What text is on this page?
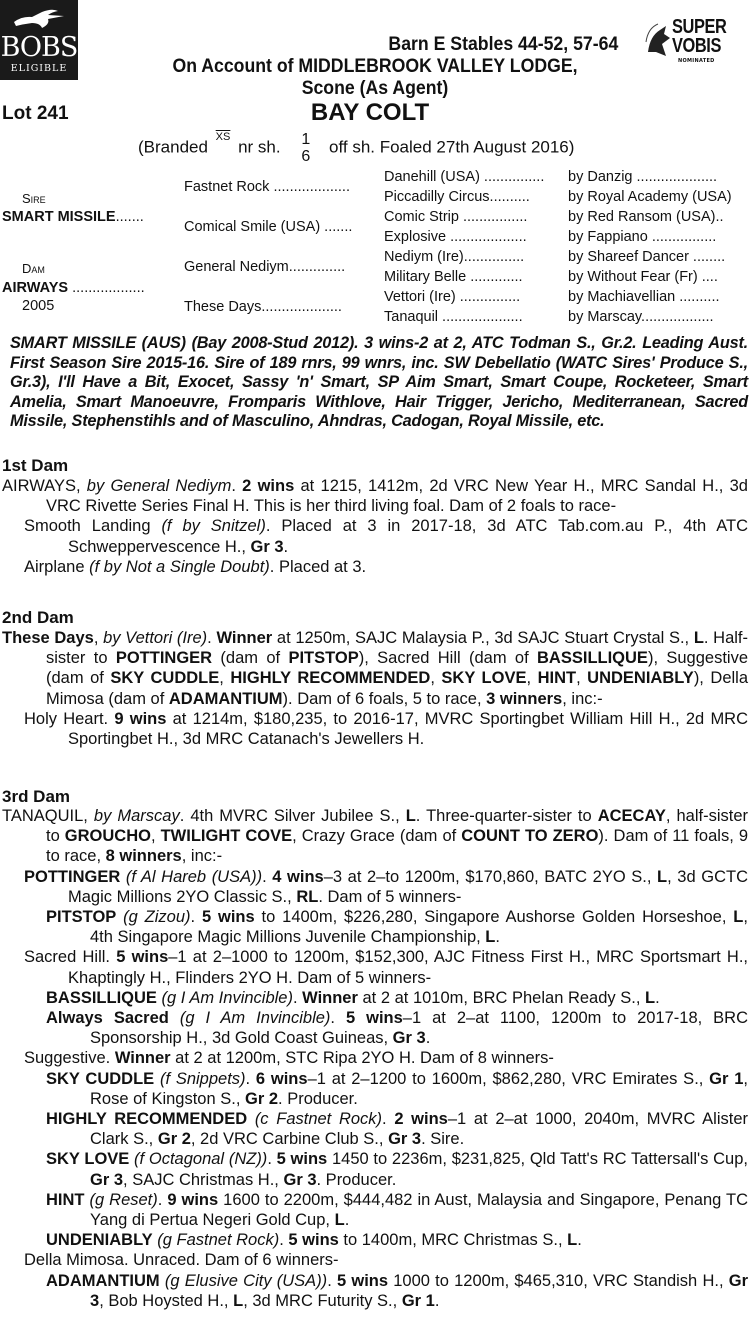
BOBS
ELIGIBLE
SUPER
VOBIS
NOMINATED
Barn E Stables 44-52, 57-64
On Account of MIDDLEBROOK VALLEY LODGE,
Scone (As Agent)
Lot 241	BAY COLT
(Branded $\overline{XS}$ nr sh. 1
6
off sh. Foaled 27th August 2016)
Sire
SMART MISSILE.......
Dam
AIRWAYS ..................
2005
Fastnet Rock ...................
Comical Smile (USA) .......
General Nediym..............
These Days....................
Danehill (USA) ...............
Piccadilly Circus..........
Comic Strip ................
Explosive ...................
Nediym (Ire)...............
Military Belle .............
Vettori (Ire) ...............
Tanaquil ....................
by Danzig ....................
by Royal Academy (USA)
by Red Ransom (USA)..
by Fappiano ................
by Shareef Dancer ........
by Without Fear (Fr) ....
by Machiavellian ..........
by Marscay..................
SMART MISSILE (AUS) (Bay 2008-Stud 2012). 3 wins-2 at 2, ATC Todman S., Gr.2. Leading Aust. First Season Sire 2015-16. Sire of 189 rnrs, 99 wnrs, inc. SW Debellatio (WATC Sires' Produce S., Gr.3), I'll Have a Bit, Exocet, Sassy 'n' Smart, SP Aim Smart, Smart Coupe, Rocketeer, Smart Amelia, Smart Manoeuvre, Fromparis Withlove, Hair Trigger, Jericho, Mediterranean, Sacred Missile, Stephenstihls and of Masculino, Ahndras, Cadogan, Royal Missile, etc.
1st Dam
AIRWAYS, by General Nediym. 2 wins at 1215, 1412m, 2d VRC New Year H., MRC Sandal H., 3d VRC Rivette Series Final H. This is her third living foal. Dam of 2 foals to race-
Smooth Landing (f by Snitzel). Placed at 3 in 2017-18, 3d ATC Tab.com.au P., 4th ATC Schweppervescence H., Gr 3.
Airplane (f by Not a Single Doubt). Placed at 3.
2nd Dam
These Days, by Vettori (Ire). Winner at 1250m, SAJC Malaysia P., 3d SAJC Stuart Crystal S., L. Half-sister to POTTINGER (dam of PITSTOP), Sacred Hill (dam of BASSILLIQUE), Suggestive (dam of SKY CUDDLE, HIGHLY RECOMMENDED, SKY LOVE, HINT, UNDENIABLY), Della Mimosa (dam of ADAMANTIUM). Dam of 6 foals, 5 to race, 3 winners, inc:-
Holy Heart. 9 wins at 1214m, $180,235, to 2016-17, MVRC Sportingbet William Hill H., 2d MRC Sportingbet H., 3d MRC Catanach's Jewellers H.
3rd Dam
TANAQUIL, by Marscay. 4th MVRC Silver Jubilee S., L. Three-quarter-sister to ACECAY, half-sister to GROUCHO, TWILIGHT COVE, Crazy Grace (dam of COUNT TO ZERO). Dam of 11 foals, 9 to race, 8 winners, inc:-
POTTINGER (f Al Hareb (USA)). 4 wins–3 at 2–to 1200m, $170,860, BATC 2YO S., L, 3d GCTC Magic Millions 2YO Classic S., RL. Dam of 5 winners-
PITSTOP (g Zizou). 5 wins to 1400m, $226,280, Singapore Aushorse Golden Horseshoe, L, 4th Singapore Magic Millions Juvenile Championship, L.
Sacred Hill. 5 wins–1 at 2–1000 to 1200m, $152,300, AJC Fitness First H., MRC Sportsmart H., Khaptingly H., Flinders 2YO H. Dam of 5 winners-
BASSILLIQUE (g I Am Invincible). Winner at 2 at 1010m, BRC Phelan Ready S., L.
Always Sacred (g I Am Invincible). 5 wins–1 at 2–at 1100, 1200m to 2017-18, BRC Sponsorship H., 3d Gold Coast Guineas, Gr 3.
Suggestive. Winner at 2 at 1200m, STC Ripa 2YO H. Dam of 8 winners-
SKY CUDDLE (f Snippets). 6 wins–1 at 2–1200 to 1600m, $862,280, VRC Emirates S., Gr 1, Rose of Kingston S., Gr 2. Producer.
HIGHLY RECOMMENDED (c Fastnet Rock). 2 wins–1 at 2–at 1000, 2040m, MVRC Alister Clark S., Gr 2, 2d VRC Carbine Club S., Gr 3. Sire.
SKY LOVE (f Octagonal (NZ)). 5 wins 1450 to 2236m, $231,825, Qld Tatt's RC Tattersall's Cup, Gr 3, SAJC Christmas H., Gr 3. Producer.
HINT (g Reset). 9 wins 1600 to 2200m, $444,482 in Aust, Malaysia and Singapore, Penang TC Yang di Pertua Negeri Gold Cup, L.
UNDENIABLY (g Fastnet Rock). 5 wins to 1400m, MRC Christmas S., L.
Della Mimosa. Unraced. Dam of 6 winners-
ADAMANTIUM (g Elusive City (USA)). 5 wins 1000 to 1200m, $465,310, VRC Standish H., Gr 3, Bob Hoysted H., L, 3d MRC Futurity S., Gr 1.
